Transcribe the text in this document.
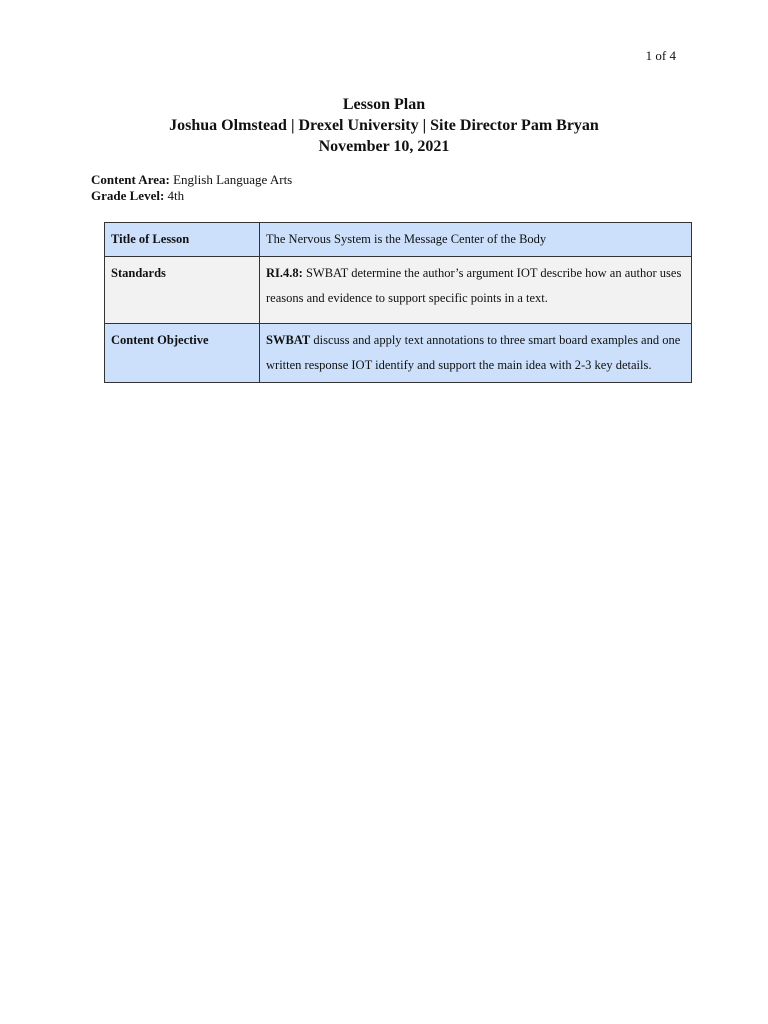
1 of 4
Lesson Plan
Joshua Olmstead | Drexel University | Site Director Pam Bryan
November 10, 2021
Content Area: English Language Arts
Grade Level: 4th
Title of Lesson	The Nervous System is the Message Center of the Body
Standards	RI.4.8: SWBAT determine the author’s argument IOT describe how an author uses reasons and evidence to support specific points in a text.
Content Objective	SWBAT discuss and apply text annotations to three smart board examples and one written response IOT identify and support the main idea with 2-3 key details.
